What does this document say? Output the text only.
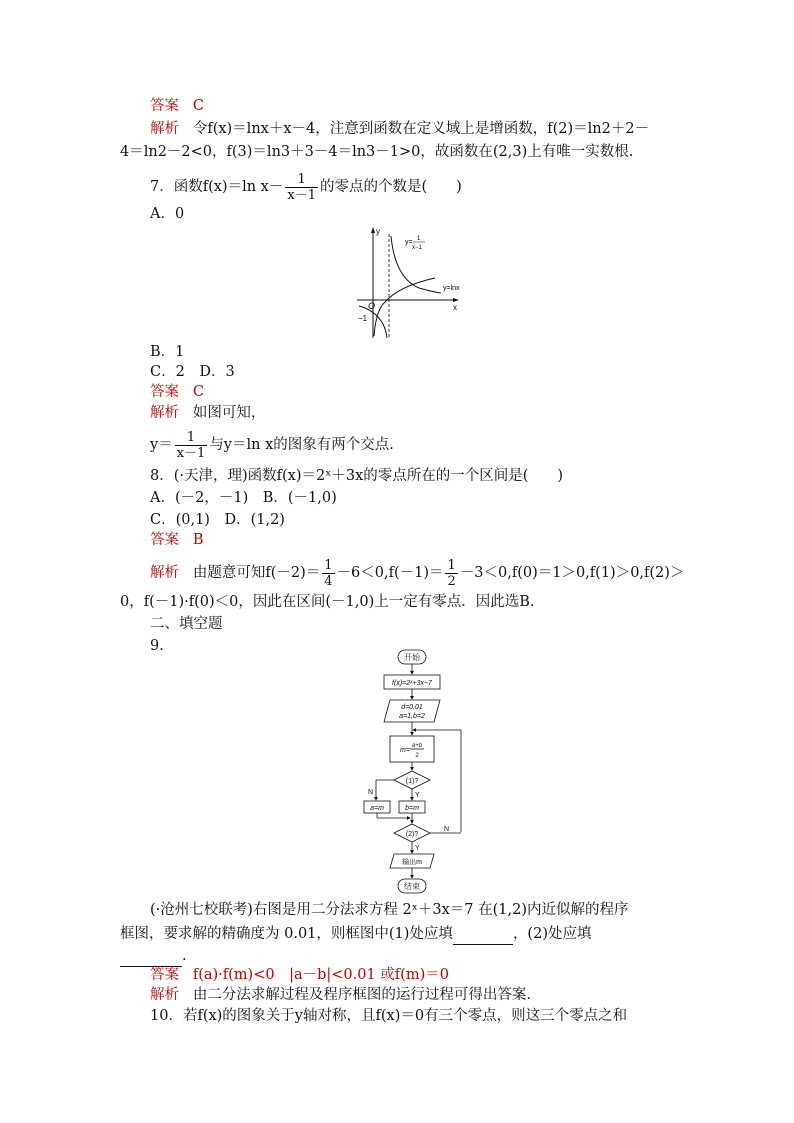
答案 C
解析 令f(x)＝lnx＋x－4，注意到函数在定义域上是增函数，f(2)＝ln2＋2－
4＝ln2－2<0，f(3)＝ln3＋3－4＝ln3－1>0，故函数在(2,3)上有唯一实数根.
7．函数f(x)＝ln $x- \frac{1}{x-1}$ 的零点的个数是(　　)
A．0
y
x
O
−1
y= 1
x−1
y=lnx
B．1
C．2　D．3
答案 C
解析 如图可知，
$y= \frac{1}{x-1}$ 与y＝ln x的图象有两个交点.
8．(·天津，理)函数f(x)＝2ˣ＋3x的零点所在的一个区间是(　　)
A．(－2，－1)　B．(－1,0)
C．(0,1)　D．(1,2)
答案 B
解析 由题意可知$f(-2)= \frac{1}{4} -6<0,f(-1)= \frac{1}{2} -3<0,f(0)=1>0,f(1)>0,f(2)>$
0，f(－1)·f(0)＜0，因此在区间(－1,0)上一定有零点．因此选B.
二、填空题
9.
开始
f(x)=2ˣ+3x−7
d=0.01
a=1,b=2
m=
a+b
2
(1)?
N	Y
a=m	b=m
(2)?
N
Y
输出m
结束
(·沧州七校联考)右图是用二分法求方程 2ˣ＋3x＝7 在(1,2)内近似解的程序
框图，要求解的精确度为 0.01，则框图中(1)处应填	，(2)处应填
.
答案 f(a)·f(m)<0　|a－b|<0.01 或f(m)＝0
解析 由二分法求解过程及程序框图的运行过程可得出答案.
10．若f(x)的图象关于y轴对称，且f(x)＝0有三个零点，则这三个零点之和
